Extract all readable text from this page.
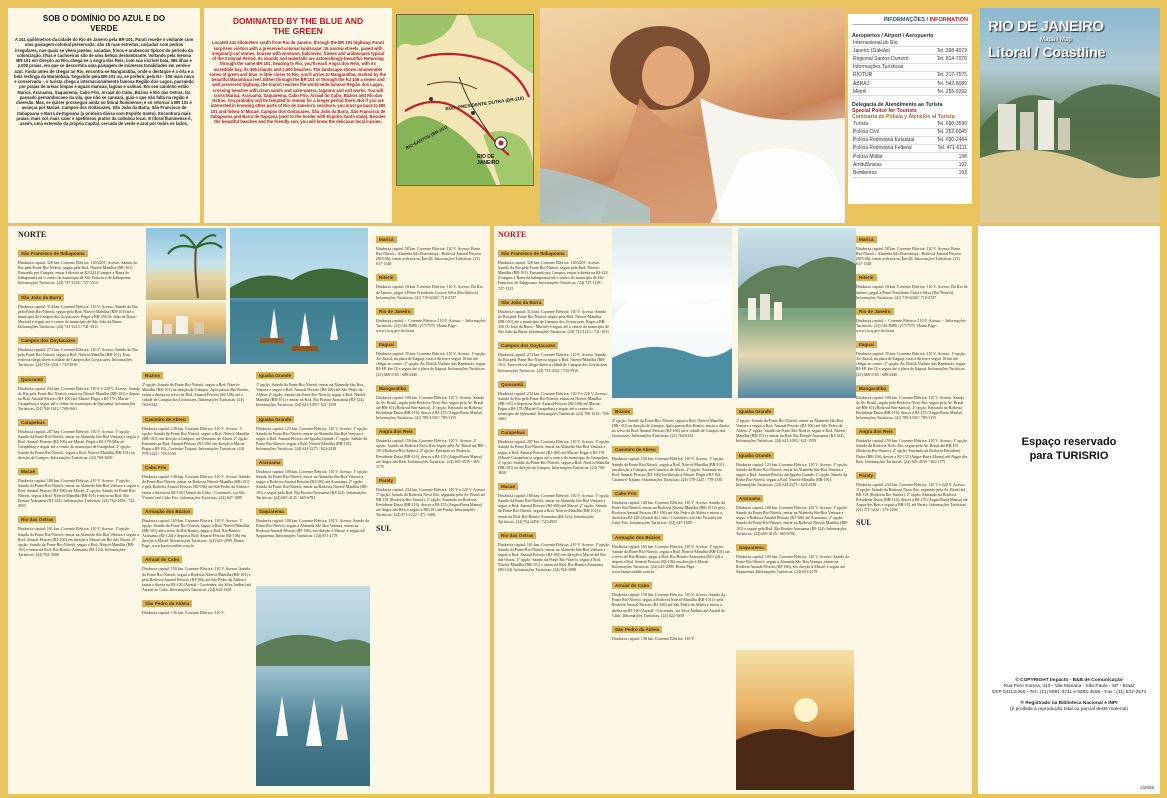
SOB O DOMÍNIO DO AZUL E DO VERDE
A 241 quilômetros da cidade do Rio de Janeiro pela BR-101, Parati recebe o visitante com uma paisagem colonial preservada: são 15 ruas estreitas, calçadas com pedras irregulares, nas quais se vêem janelas, sacadas, frisos e arabescos típicos do período da colonização. Ilhas e cachoeiras são de uma beleza deslumbrante. Voltando pela mesma BR-101 em direção ao Rio, chega-se a Angra dos Reis, com sua incrível baía, 365 ilhas e 2.000 praias, em que se descortina uma paisagem de inúmeras tonalidades em verde e azul. Ainda antes de chegar ao Rio, encontra-se Mangaratiba, onde o destaque é a orla e a bela restinga da Marambaia. Seguindo pela BR-101 ou, se preferir, pela RJ - 106 mais nova e conservada -, o turista chega à internacionalmente famosa Região dos Lagos, passando por praias de areias limpas e águas mansas, lagoas e salinas. Em seu caminho estão Maricá, Araruama, Saquarema, Cabo Frio, Arraial do Cabo, Búzios e Rio das Ostras. Do passado pernambucano da vila, que não se cansará, guia o que não falta na região é diversão. Mas, se quiser prosseguir ainda no litoral fluminense, é só retornar a BR 101 e avançar por Macaé, Campos dos Goitacazes, São João da Barra, São Francisco de Itabapoana e Barra de Itapoana (a primeira divisa com Espírito Santo). Encontrará mais praias, mais sol, mais calor e apetitosos pratos da culinária local. O litoral fluminense é, assim, uma extensão da própria Capital, cercada de verde e azul por todos os lados.
DOMINATED BY THE BLUE AND THE GREEN
Located 241 kilometers south from Rio de Janeiro, through the BR 101 highway, Parati surprises visitors with a preserved colonial landscape: 15 narrow streets, paved with irregularly-cut stones, houses with windows, balconies, friezes and arabesques typical of the Colonial Period. Its islands and waterfalls are astonishingly beautiful. Returning through the same BR 101, heading to Rio, you'll reach Angra dos Reis, with its incredible bay, its 365 islands and 2,000 beaches. The landscape shows innumerable tones of green and blue. A little closer to Rio, you'll arrive to Mangaratiba, marked by the beautiful Marambaia reef. Either through the BR 101 or through the RJ 106 a newer and well preserved highway, the tourist reaches the world-wide famous Região dos Lagos, crossing beaches with clean sands and calm waters, lagoons and salt works. You will cross Maricá, Araruama, Saquarema, Cabo Frio, Arraial do Cabo, Búzios and Rio das Ostras. You probably will be tempted to remain for a longer period there. But if you are interested in knowing other parts of Rio de Janeiro's seashore, you must go back to BR 101 and follow to Macaé, Campos dos Goitacazes, São João da Barra, São Francisco de Itabapoana and Barra de Itapoana (next to the border with Espírito Santo state). Besides the beautiful beaches and the friendly sun, you will know the delicious local cuisine.
ROD. PRESIDENTE DUTRA (BR-116)
RIO-SANTOS (BR-101)
RIO DE JANEIRO
INFORMAÇÕES / INFORMATION
Aeroportos / Airport / Aeropuerto
Internacional do Rio	
Janeiro (Galeão)	Tel. 398-4073
Regional Santos Dumont	Tel. 814-7070
Informações Turísticas	
RIOTUR	Tel. 217-7575
ABRAJ	Tel. 542-8080
Metrô	Tel. 255-9292
Delegacia de Atendimento ao Turista
Special Police for Tourists
Comisaría de Policía y Atención al Turista
Turista	Tel. 690-3590
Polícia Civil	Tel. 252-6045
Polícia Rodoviária Estadual	Tel. 690-2484
Polícia Rodoviária Federal	Tel. 471-6111
Polícia Militar	190
Ambulâncias	192
Bombeiros	193
RIO DE JANEIRO
Mapa / Map
Litoral / Coastline
NORTE
São Francisco de Itabapoana
Distância capital: 328 km. Corrente Elétrica: 110/220V. Acesso: Saindo do Rio pela Ponte Rio-Niterói, seguir pela Rod. Niterói-Manilha (BR-101). Passando por Campos, entrar à direita na RJ-224 (Campos x Barra de Itabapoana) até o centro do município de São Francisco de Itabapoana. Informações Turísticas: (24) 727-1128 / 727-1515
São João da Barra
Distância capital: 314 km. Corrente Elétrica: 110 V. Acesso: Saindo do Rio pela Ponte Rio-Niterói, seguir pela Rod. Niterói-Manilha (BR-101) até o município de Campos dos Goytacazes. Pegar a BR-356 (S. João da Barra - Muriaé) e seguir até o centro do município de São João da Barra. Informações Turísticas: (24) 741-1213 / 741-1011
Campos dos Goytacazes
Distância capital: 273 km. Corrente Elétrica: 110 V. Acesso: Saindo do Rio pela Ponte Rio-Niterói, seguir a Rod. Niterói-Manilha (BR-101). Esta rodovia chega direto à cidade de Campos dos Goytacazes. Informações Turísticas: (24) 733-4331 / 733-3916
Quissamã
Distância capital: 234 km. Corrente Elétrica: 110 V e 220 V. Acesso: Saindo do Rio pela Ponte Rio-Niterói, entrar na Niterói-Manilha (BR-101) e depois na Rod. Amaral Peixoto (RJ-106) até Macaé. Pegar a RJ-178 (Macaé-Carapebus) e seguir até o centro do município de Quissamã. Informações Turísticas: (24) 768-1612 / 768-1661
Carapebus
Distância capital: 207 km. Corrente Elétrica: 110 V. Acesso: 1ª opção: Saindo da Ponte Rio-Niterói, entrar na Alameda São Boa Ventura e seguir a Rod. Amaral Peixoto (RJ-106) até Macaé. Pegar a RJ-178 (Macaé-Carapebus) e seguir até o centro do município de Carapebus. 2ª opção: Saindo da Ponte Rio-Niterói, seguir a Rod. Niterói-Manilha (BR-101) na direção da Campos. Informações Turísticas: (24) 768-3650
Macaé
Distância capital: 180 km. Corrente Elétrica: 110 V. Acesso: 1ª opção: Saindo da Ponte Rio-Niterói, entrar na Alameda São Boa Ventura e seguir a Rod. Amaral Peixoto (RJ-106) até Macaé. 2ª opção: Saindo da Ponte Rio-Niterói, seguir a Rod. Niterói-Manilha (BR-101) e entrar na Rod. Rio Bonito-Araruama (RJ-124). Informações Turísticas: (24) 762-4456 / 722-4955
Rio das Ostras
Distância capital: 161 km. Corrente Elétrica: 110 V. Acesso: 1ª opção: Saindo da Ponte Rio-Niterói, entrar na Alameda São Boa Ventura e seguir a Rod. Amaral Peixoto (RJ-106) em direção à Macaé até Rio das Ostras. 2ª opção: Saindo da Ponte Rio-Niterói, seguir a Rod. Niterói-Manilha (BR-101) e entrar na Rod. Rio Bonito-Araruama (RJ-124). Informações Turísticas: (24) 764-3008
Búzios
2ª opção: Saindo da Ponte Rio-Niterói, seguir a Rod. Niterói-Manilha (BR-101) na direção de Campos. Após passar Rio Bonito, entrar a direita no trevo da Rod. Amaral Peixoto (RJ-106) até a cidade de Campos dos Goitacazes. Informações Turísticas: (24) 764-6343
Casimiro de Abreu
Distância capital: 128 km. Corrente Elétrica: 110 V. Acesso: 1ª opção: Saindo da Ponte Rio-Niterói, seguir a Rod. Niterói-Manilha (BR-101), em direção a Campos, até Casimiro de Abreu. 2ª opção: Entrando na Rod. Amaral Peixoto (RJ-106) em direção a Macaé. Pegar a RJ-162, Casimiro-Trajano. Informações Turísticas: (24) 778-1225 / 778-1530
Cabo Frio
Distância capital: 148 km. Corrente Elétrica: 110 V. Acesso: Saindo da Ponte Rio-Niterói, entrar na Rodovia Niterói-Manilha (BR-101) e pela Rodovia Amaral Peixoto (RJ-106) até São Pedro da Aldeia e entrar a direita na RJ-140 (Arraial do Cabo - Corrientes, via São Vicente) até Cabo Frio. Informações Turísticas: (24) 647-1689
Armação dos Búzios
Distância capital: 165 km. Corrente Elétrica: 110 V. Acesso: 1ª opção: Saindo da Ponte Rio-Niterói, seguir a Rod. Niterói-Manilha (BR-101) até o trevo de Rio Bonito, pegar a Rod. Rio Bonito-Araruama (RJ-124) e depois a Rod. Amaral Peixoto (RJ-106) em direção à Macaé. Informações Turísticas: (24) 623-2099. Home Page: www.buziosonline.com.br
Arraial do Cabo
Distância capital: 158 km. Corrente Elétrica: 110 V. Acesso: Saindo da Ponte Rio-Niterói, seguir a Rodovia Niterói-Manilha (BR-101) e pela Rodovia Amaral Peixoto (RJ-106) até São Pedro da Aldeia e entrar a direita na RJ-140 (Arraial - Corrientes, via Silva Jardim) até Arraial do Cabo. Informações Turísticas: (24) 622-1650
São Pedro da Aldeia
Distância capital: 136 km. Corrente Elétrica: 110 V.
Iguaba Grande
1ª opção: Saindo da Ponte Rio-Niterói, entrar na Alameda São Boa Ventura e seguir a Rod. Amaral Peixoto (RJ-106) até São Pedro da Aldeia. 2ª opção: Saindo da Ponte Rio-Niterói, seguir a Rod. Niterói-Manilha (BR-101) e entrar na Rod. Rio Bonito-Araruama (RJ-124). Informações Turísticas: (24) 621-1093 / 621-1559
Iguaba Grande
Distância capital: 123 km. Corrente Elétrica: 110 V. Acesso: 1ª opção: Saindo da Ponte Rio-Niterói, entrar na Alameda São Boa Ventura e seguir a Rod. Amaral Peixoto até Iguaba Grande. 2ª opção: Saindo da Ponte Rio-Niterói, seguir a Rod. Niterói-Manilha (BR-101). Informações Turísticas: (24) 624-2275 / 624-2438
Araruama
Distância capital: 108 km. Corrente Elétrica: 110 V. Acesso: 1ª opção: Saindo da Ponte Rio-Niterói, entrar na Alameda São Boa Ventura e seguir a Rodovia Amaral Peixoto (RJ-106) até Araruama. 2ª opção: Saindo da Ponte Rio-Niterói, entrar na Rodovia Niterói-Manilha (BR-101) e seguir pela Rod. Rio Bonito-Araruama (RJ-124). Informações Turísticas: (24) 665-4145 / 665-6782
Saquarema
Distância capital: 100 km. Corrente Elétrica: 110 V. Acesso: Saindo da Ponte Rio-Niterói, seguir a Alameda São Boa Ventura, entrar na Rodovia Amaral Peixoto (RJ-106), em direção à Macaé, e seguir até Saquarema. Informações Turísticas: (24) 651-2178
Maricá
Distância capital: 58 km. Corrente Elétrica: 110 V. Acesso: Ponte Rio-Niterói - Alameda São Boaventura - Rodovia Amaral Peixoto (RJ-106), entrar à direita no Km 28. Informações Turísticas: (21) 637-1548
Niterói
Distância capital: 18 km. Corrente Elétrica: 110 V. Acesso: Do Rio de Janeiro, pegar a Ponte Presidente Costa e Silva (Rio-Niterói). Informações Turísticas: (21) 719-6348 / 710-2727
Rio de Janeiro
Distância capital: -. Corrente Elétrica: 110 V. Acesso: -. Informações Turísticas: (21) 542-8080 / 217-7575. Home Page: www.rio.rj.gov.br/riotur
Itaguaí
Distância capital: 70 km. Corrente Elétrica: 110 V. Acesso: 1ª opção: Av. Brasil, na placa de Itaguaí, virar à direita e seguir 10 km até chegar ao centro. 2ª opção: Av. Brasil, Viaduto das Bandeiras, seguir RJ-SP, km 32 e seguir até a placa de Itaguaí. Informações Turísticas: (21) 688-1165 / 688-2446
Mangaratiba
Distância capital: 100 km. Corrente Elétrica: 110 V. Acesso: Saindo da Av. Brasil, seguir pela Rodovia Novo Rio, seguir pela Av. Brasil até BR-101 (Rodovia Rio-Santos). 2ª opção: Entrando na Rodovia Presidente Dutra (BR-116), descer a RJ-155 (Angra-Barra Mansa). Informações Turísticas: (21) 789-1339 / 789-1155
Angra dos Reis
Distância capital: 150 km. Corrente Elétrica: 110 V. Acesso: 1ª opção: Saindo da Rodovia Novo Rio, seguir pela Av. Brasil até BR-101 (Rodovia Rio-Santos). 2ª opção: Entrando na Rodovia Presidente Dutra (BR-116), descer a RJ-155 (Angra-Barra Mansa) até Angra dos Reis. Informações Turísticas: (24) 365-4539 / 365-1175
Paraty
Distância capital: 234 km. Corrente Elétrica: 110 V e 220 V. Acesso: 1ª opção: Saindo da Rodovia Novo Rio, seguindo pela Av. Brasil até BR-101 (Rodovia Rio-Santos). 2ª opção: Entrando na Rodovia Presidente Dutra (BR-116), descer a RJ-155 (Angra-Barra Mansa) até Angra dos Reis e seguir a BR-101 até Paraty. Informações Turísticas: (24) 371-1222 / 371-1266
SUL
NORTE
São Francisco de Itabapoana
Distância capital: 328 km. Corrente Elétrica: 110/220V. Acesso: Saindo do Rio pela Ponte Rio-Niterói, seguir pela Rod. Niterói-Manilha (BR-101). Passando por Campos, entrar à direita na RJ-224 (Campos x Barra de Itabapoana) até o centro do município de São Francisco de Itabapoana. Informações Turísticas: (24) 727-1128 / 727-1515
São João da Barra
Distância capital: 314 km. Corrente Elétrica: 110 V. Acesso: Saindo do Rio pela Ponte Rio-Niterói, seguir pela Rod. Niterói-Manilha (BR-101) até o município de Campos dos Goytacazes. Pegar a BR-356 (S. João da Barra - Muriaé) e seguir até o centro do município de São João da Barra. Informações Turísticas: (24) 741-1213 / 741-1011
Campos dos Goytacazes
Distância capital: 273 km. Corrente Elétrica: 110 V. Acesso: Saindo do Rio pela Ponte Rio-Niterói, seguir a Rod. Niterói-Manilha (BR-101). Esta rodovia chega direto à cidade de Campos dos Goytacazes. Informações Turísticas: (24) 733-4331 / 733-3916
Quissamã
Distância capital: 234 km. Corrente Elétrica: 110 V e 220 V. Acesso: Saindo do Rio pela Ponte Rio-Niterói, entrar na Niterói-Manilha (BR-101) e depois na Rod. Amaral Peixoto (RJ-106) até Macaé. Pegar a RJ-178 (Macaé-Carapebus) e seguir até o centro do município de Quissamã. Informações Turísticas: (24) 768-1612 / 768-1661
Carapebus
Distância capital: 207 km. Corrente Elétrica: 110 V. Acesso: 1ª opção: Saindo da Ponte Rio-Niterói, entrar na Alameda São Boa Ventura e seguir a Rod. Amaral Peixoto (RJ-106) até Macaé. Pegar a RJ-178 (Macaé-Carapebus) e seguir até o centro do município de Carapebus. 2ª opção: Saindo da Ponte Rio-Niterói, seguir a Rod. Niterói-Manilha (BR-101) na direção da Campos. Informações Turísticas: (24) 768-3650
Macaé
Distância capital: 180 km. Corrente Elétrica: 110 V. Acesso: 1ª opção: Saindo da Ponte Rio-Niterói, entrar na Alameda São Boa Ventura e seguir a Rod. Amaral Peixoto (RJ-106) até Macaé. 2ª opção: Saindo da Ponte Rio-Niterói, seguir a Rod. Niterói-Manilha (BR-101) e entrar na Rod. Rio Bonito-Araruama (RJ-124). Informações Turísticas: (24) 762-4456 / 722-4955
Rio das Ostras
Distância capital: 161 km. Corrente Elétrica: 110 V. Acesso: 1ª opção: Saindo da Ponte Rio-Niterói, entrar na Alameda São Boa Ventura e seguir a Rod. Amaral Peixoto (RJ-106) em direção à Macaé até Rio das Ostras. 2ª opção: Saindo da Ponte Rio-Niterói, seguir a Rod. Niterói-Manilha (BR-101) e entrar na Rod. Rio Bonito-Araruama (RJ-124). Informações Turísticas: (24) 764-3008
Búzios
2ª opção: Saindo da Ponte Rio-Niterói, seguir a Rod. Niterói-Manilha (BR-101) na direção de Campos. Após passar Rio Bonito, entrar a direita no trevo da Rod. Amaral Peixoto (RJ-106) até a cidade de Campos dos Goitacazes. Informações Turísticas: (24) 764-6343
Casimiro de Abreu
Distância capital: 128 km. Corrente Elétrica: 110 V. Acesso: 1ª opção: Saindo da Ponte Rio-Niterói, seguir a Rod. Niterói-Manilha (BR-101), em direção a Campos, até Casimiro de Abreu. 2ª opção: Entrando na Rod. Amaral Peixoto (RJ-106) em direção a Macaé. Pegar a RJ-162, Casimiro-Trajano. Informações Turísticas: (24) 778-1225 / 778-1530
Cabo Frio
Distância capital: 148 km. Corrente Elétrica: 110 V. Acesso: Saindo da Ponte Rio-Niterói, entrar na Rodovia Niterói-Manilha (BR-101) e pela Rodovia Amaral Peixoto (RJ-106) até São Pedro da Aldeia e entrar a direita na RJ-140 (Arraial do Cabo - Corrientes, via São Vicente) até Cabo Frio. Informações Turísticas: (24) 647-1689
Armação dos Búzios
Distância capital: 165 km. Corrente Elétrica: 110 V. Acesso: 1ª opção: Saindo da Ponte Rio-Niterói, seguir a Rod. Niterói-Manilha (BR-101) até o trevo de Rio Bonito, pegar a Rod. Rio Bonito-Araruama (RJ-124) e depois a Rod. Amaral Peixoto (RJ-106) em direção à Macaé. Informações Turísticas: (24) 623-2099. Home Page: www.buziosonline.com.br
Arraial do Cabo
Distância capital: 158 km. Corrente Elétrica: 110 V. Acesso: Saindo da Ponte Rio-Niterói, seguir a Rodovia Niterói-Manilha (BR-101) e pela Rodovia Amaral Peixoto (RJ-106) até São Pedro da Aldeia e entrar a direita na RJ-140 (Arraial - Corrientes, via Silva Jardim) até Arraial do Cabo. Informações Turísticas: (24) 622-1650
São Pedro da Aldeia
Distância capital: 136 km. Corrente Elétrica: 110 V.
Iguaba Grande
1ª opção: Saindo da Ponte Rio-Niterói, entrar na Alameda São Boa Ventura e seguir a Rod. Amaral Peixoto (RJ-106) até São Pedro da Aldeia. 2ª opção: Saindo da Ponte Rio-Niterói, seguir a Rod. Niterói-Manilha (BR-101) e entrar na Rod. Rio Bonito-Araruama (RJ-124). Informações Turísticas: (24) 621-1093 / 621-1559
Iguaba Grande
Distância capital: 123 km. Corrente Elétrica: 110 V. Acesso: 1ª opção: Saindo da Ponte Rio-Niterói, entrar na Alameda São Boa Ventura e seguir a Rod. Amaral Peixoto até Iguaba Grande. 2ª opção: Saindo da Ponte Rio-Niterói, seguir a Rod. Niterói-Manilha (BR-101). Informações Turísticas: (24) 624-2275 / 624-2438
Araruama
Distância capital: 108 km. Corrente Elétrica: 110 V. Acesso: 1ª opção: Saindo da Ponte Rio-Niterói, entrar na Alameda São Boa Ventura e seguir a Rodovia Amaral Peixoto (RJ-106) até Araruama. 2ª opção: Saindo da Ponte Rio-Niterói, entrar na Rodovia Niterói-Manilha (BR-101) e seguir pela Rod. Rio Bonito-Araruama (RJ-124). Informações Turísticas: (24) 665-4145 / 665-6782
Saquarema
Distância capital: 100 km. Corrente Elétrica: 110 V. Acesso: Saindo da Ponte Rio-Niterói, seguir a Alameda São Boa Ventura, entrar na Rodovia Amaral Peixoto (RJ-106), em direção à Macaé, e seguir até Saquarema. Informações Turísticas: (24) 651-2178
Maricá
Distância capital: 58 km. Corrente Elétrica: 110 V. Acesso: Ponte Rio-Niterói - Alameda São Boaventura - Rodovia Amaral Peixoto (RJ-106), entrar à direita no Km 28. Informações Turísticas: (21) 637-1548
Niterói
Distância capital: 18 km. Corrente Elétrica: 110 V. Acesso: Do Rio de Janeiro, pegar a Ponte Presidente Costa e Silva (Rio-Niterói). Informações Turísticas: (21) 719-6348 / 710-2727
Rio de Janeiro
Distância capital: -. Corrente Elétrica: 110 V. Acesso: -. Informações Turísticas: (21) 542-8080 / 217-7575. Home Page: www.rio.rj.gov.br/riotur
Itaguaí
Distância capital: 70 km. Corrente Elétrica: 110 V. Acesso: 1ª opção: Av. Brasil, na placa de Itaguaí, virar à direita e seguir 10 km até chegar ao centro. 2ª opção: Av. Brasil, Viaduto das Bandeiras, seguir RJ-SP, km 32 e seguir até a placa de Itaguaí. Informações Turísticas: (21) 688-1165 / 688-2446
Mangaratiba
Distância capital: 100 km. Corrente Elétrica: 110 V. Acesso: Saindo da Av. Brasil, seguir pela Rodovia Novo Rio, seguir pela Av. Brasil até BR-101 (Rodovia Rio-Santos). 2ª opção: Entrando na Rodovia Presidente Dutra (BR-116), descer a RJ-155 (Angra-Barra Mansa). Informações Turísticas: (21) 789-1339 / 789-1155
Angra dos Reis
Distância capital: 150 km. Corrente Elétrica: 110 V. Acesso: 1ª opção: Saindo da Rodovia Novo Rio, seguir pela Av. Brasil até BR-101 (Rodovia Rio-Santos). 2ª opção: Entrando na Rodovia Presidente Dutra (BR-116), descer a RJ-155 (Angra-Barra Mansa) até Angra dos Reis. Informações Turísticas: (24) 365-4539 / 365-1175
Paraty
Distância capital: 234 km. Corrente Elétrica: 110 V e 220 V. Acesso: 1ª opção: Saindo da Rodovia Novo Rio, seguindo pela Av. Brasil até BR-101 (Rodovia Rio-Santos). 2ª opção: Entrando na Rodovia Presidente Dutra (BR-116), descer a RJ-155 (Angra-Barra Mansa) até Angra dos Reis e seguir a BR-101 até Paraty. Informações Turísticas: (24) 371-1222 / 371-1266
SUL
Espaço reservado
para TURISRIO
© COPYRIGHT Impacto - B&B de Comunicação
Rua Pero Correa, 410 - Vila Mariana - São Paulo - SP - Brasil
CEP 04113-060 - Tel.: (11) 5081-3711 e 5084-3266 - Fax.: (11) 572-2574
® Registrado na Biblioteca Nacional e INPI
(é proibida a reprodução total ou parcial deste material)
2/2008
